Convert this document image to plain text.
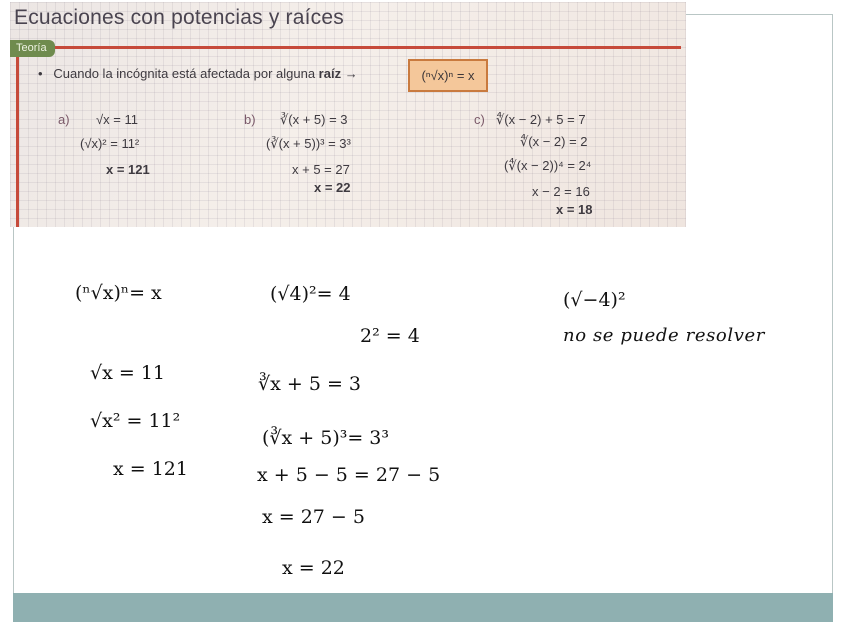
Ecuaciones con potencias y raíces
Teoría
• Cuando la incógnita está afectada por alguna raíz →	(ⁿ√x)ⁿ = x
a) √x = 11
(√x)² = 11²
x = 121
b) ∛(x + 5) = 3
(∛(x + 5))³ = 3³
x + 5 = 27
x = 22
c) ∜(x − 2) + 5 = 7
∜(x − 2) = 2
(∜(x − 2))⁴ = 2⁴
x − 2 = 16
x = 18
(ⁿ√x)ⁿ= x
√x = 11
√x² = 11²
x = 121
(√4)²= 4
2² = 4
∛x + 5 = 3
(∛x + 5)³= 3³
x + 5 − 5 = 27 − 5
x = 27 − 5
x = 22
(√−4)²
no se puede resolver
